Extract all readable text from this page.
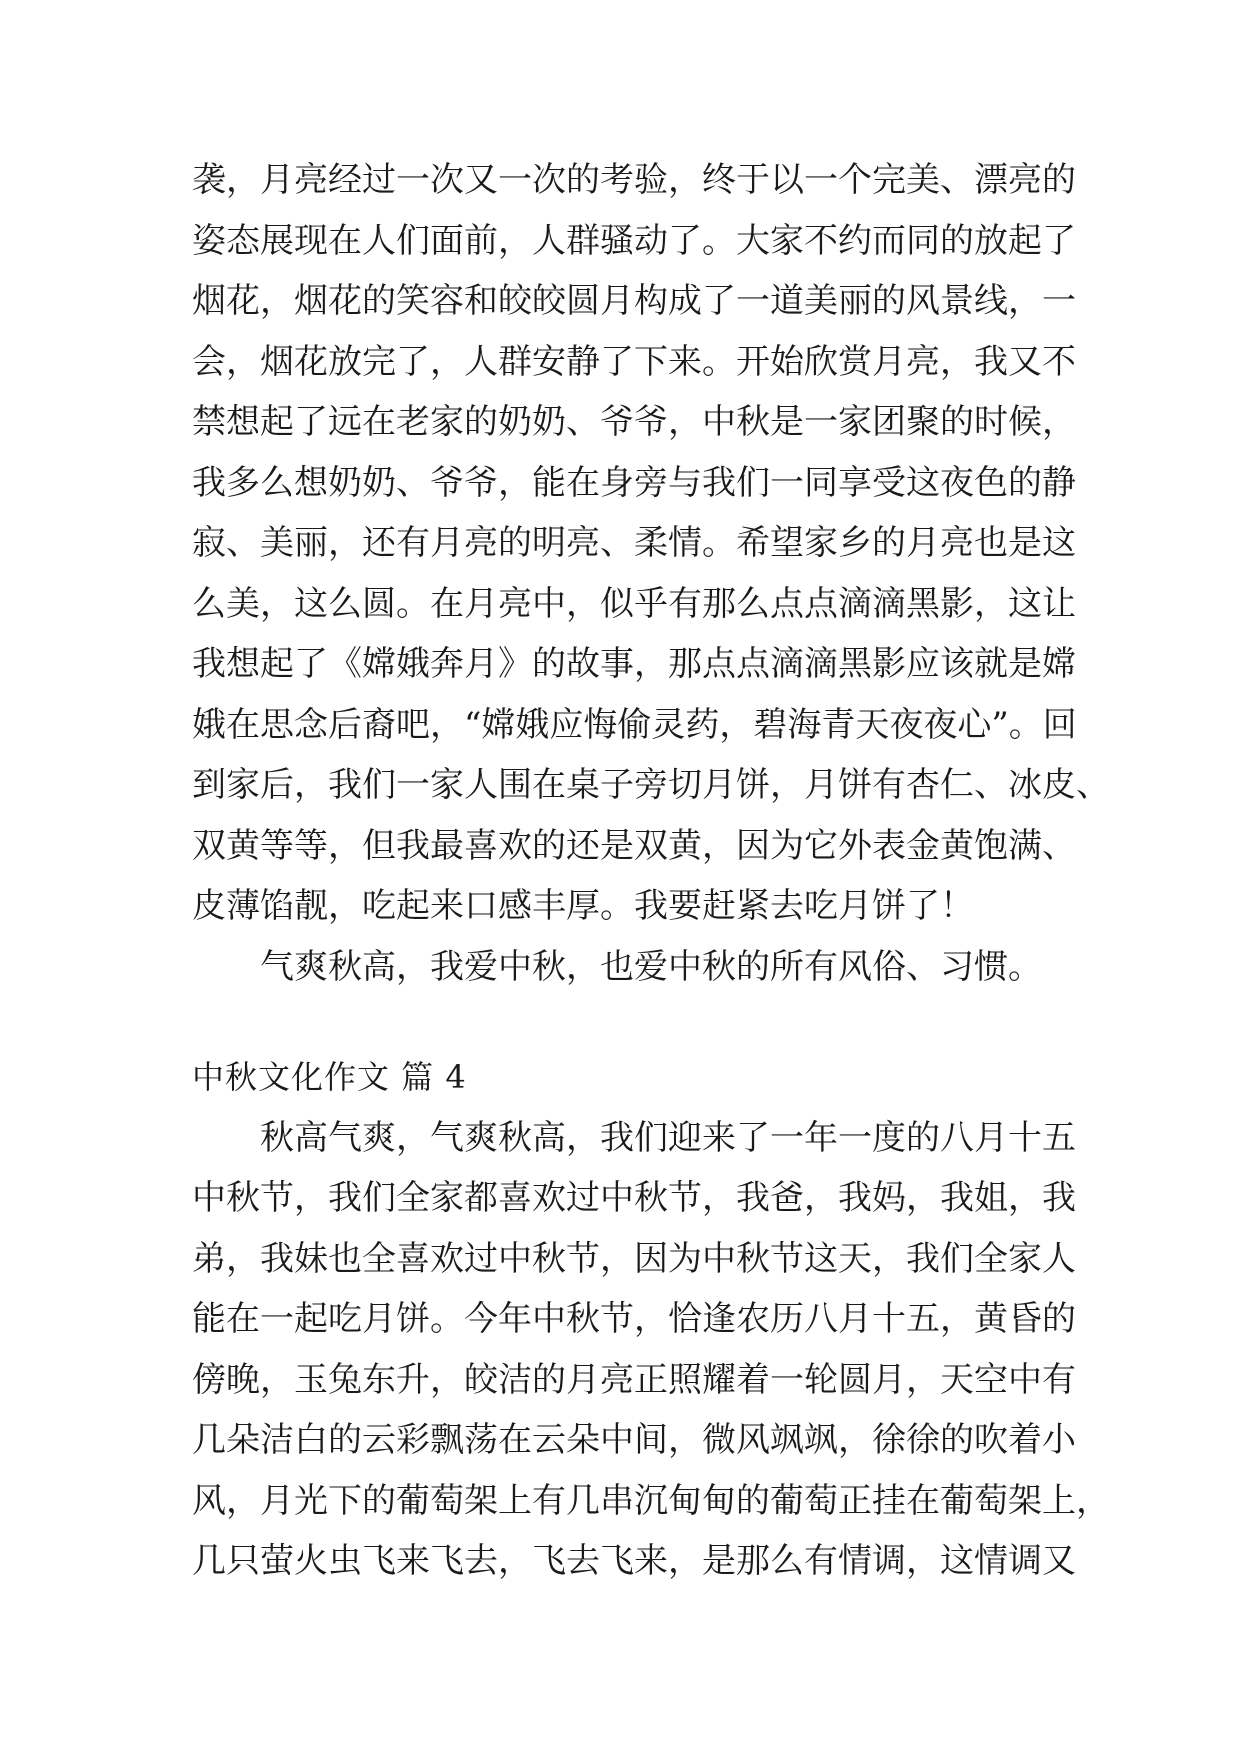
袭，月亮经过一次又一次的考验，终于以一个完美、漂亮的
姿态展现在人们面前，人群骚动了。大家不约而同的放起了
烟花，烟花的笑容和皎皎圆月构成了一道美丽的风景线，一
会，烟花放完了，人群安静了下来。开始欣赏月亮，我又不
禁想起了远在老家的奶奶、爷爷，中秋是一家团聚的时候，
我多么想奶奶、爷爷，能在身旁与我们一同享受这夜色的静
寂、美丽，还有月亮的明亮、柔情。希望家乡的月亮也是这
么美，这么圆。在月亮中，似乎有那么点点滴滴黑影，这让
我想起了《嫦娥奔月》的故事，那点点滴滴黑影应该就是嫦
娥在思念后裔吧，“嫦娥应悔偷灵药，碧海青天夜夜心”。回
到家后，我们一家人围在桌子旁切月饼，月饼有杏仁、冰皮、
双黄等等，但我最喜欢的还是双黄，因为它外表金黄饱满、
皮薄馅靓，吃起来口感丰厚。我要赶紧去吃月饼了！
气爽秋高，我爱中秋，也爱中秋的所有风俗、习惯。
中秋文化作文 篇 4
秋高气爽，气爽秋高，我们迎来了一年一度的八月十五
中秋节，我们全家都喜欢过中秋节，我爸，我妈，我姐，我
弟，我妹也全喜欢过中秋节，因为中秋节这天，我们全家人
能在一起吃月饼。今年中秋节，恰逢农历八月十五，黄昏的
傍晚，玉兔东升，皎洁的月亮正照耀着一轮圆月，天空中有
几朵洁白的云彩飘荡在云朵中间，微风飒飒，徐徐的吹着小
风，月光下的葡萄架上有几串沉甸甸的葡萄正挂在葡萄架上，
几只萤火虫飞来飞去，飞去飞来，是那么有情调，这情调又
